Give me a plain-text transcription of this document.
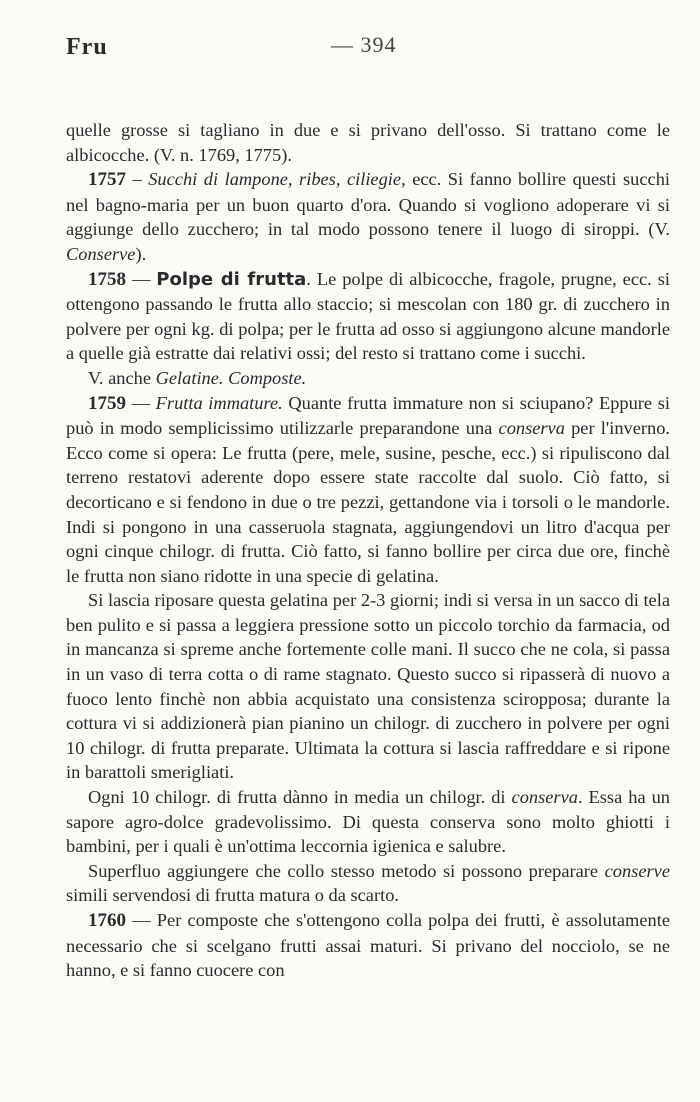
Fru	— 394

quelle grosse si tagliano in due e si privano dell'osso. Si trattano come le albicocche. (V. n. 1769, 1775).

1757 – Succhi di lampone, ribes, ciliegie, ecc. Si fanno bollire questi succhi nel bagno-maria per un buon quarto d'ora. Quando si vogliono adoperare vi si aggiunge dello zucchero; in tal modo possono tenere il luogo di siroppi. (V. Conserve).

1758 — Polpe di frutta. Le polpe di albicocche, fragole, prugne, ecc. si ottengono passando le frutta allo staccio; si mescolan con 180 gr. di zucchero in polvere per ogni kg. di polpa; per le frutta ad osso si aggiungono alcune mandorle a quelle già estratte dai relativi ossi; del resto si trattano come i succhi.

V. anche Gelatine. Composte.

1759 — Frutta immature. Quante frutta immature non si sciupano? Eppure si può in modo semplicissimo utilizzarle preparandone una conserva per l'inverno. Ecco come si opera: Le frutta (pere, mele, susine, pesche, ecc.) si ripuliscono dal terreno restatovi aderente dopo essere state raccolte dal suolo. Ciò fatto, si decorticano e si fendono in due o tre pezzi, gettandone via i torsoli o le mandorle. Indi si pongono in una casseruola stagnata, aggiungendovi un litro d'acqua per ogni cinque chilogr. di frutta. Ciò fatto, si fanno bollire per circa due ore, finchè le frutta non siano ridotte in una specie di gelatina.

Si lascia riposare questa gelatina per 2-3 giorni; indi si versa in un sacco di tela ben pulito e si passa a leggiera pressione sotto un piccolo torchio da farmacia, od in mancanza si spreme anche fortemente colle mani. Il succo che ne cola, si passa in un vaso di terra cotta o di rame stagnato. Questo succo si ripasserà di nuovo a fuoco lento finchè non abbia acquistato una consistenza sciropposa; durante la cottura vi si addizionerà pian pianino un chilogr. di zucchero in polvere per ogni 10 chilogr. di frutta preparate. Ultimata la cottura si lascia raffreddare e si ripone in barattoli smerigliati.

Ogni 10 chilogr. di frutta dànno in media un chilogr. di conserva. Essa ha un sapore agro-dolce gradevolissimo. Di questa conserva sono molto ghiotti i bambini, per i quali è un'ottima leccornia igienica e salubre.

Superfluo aggiungere che collo stesso metodo si possono preparare conserve simili servendosi di frutta matura o da scarto.

1760 — Per composte che s'ottengono colla polpa dei frutti, è assolutamente necessario che si scelgano frutti assai maturi. Si privano del nocciolo, se ne hanno, e si fanno cuocere con
